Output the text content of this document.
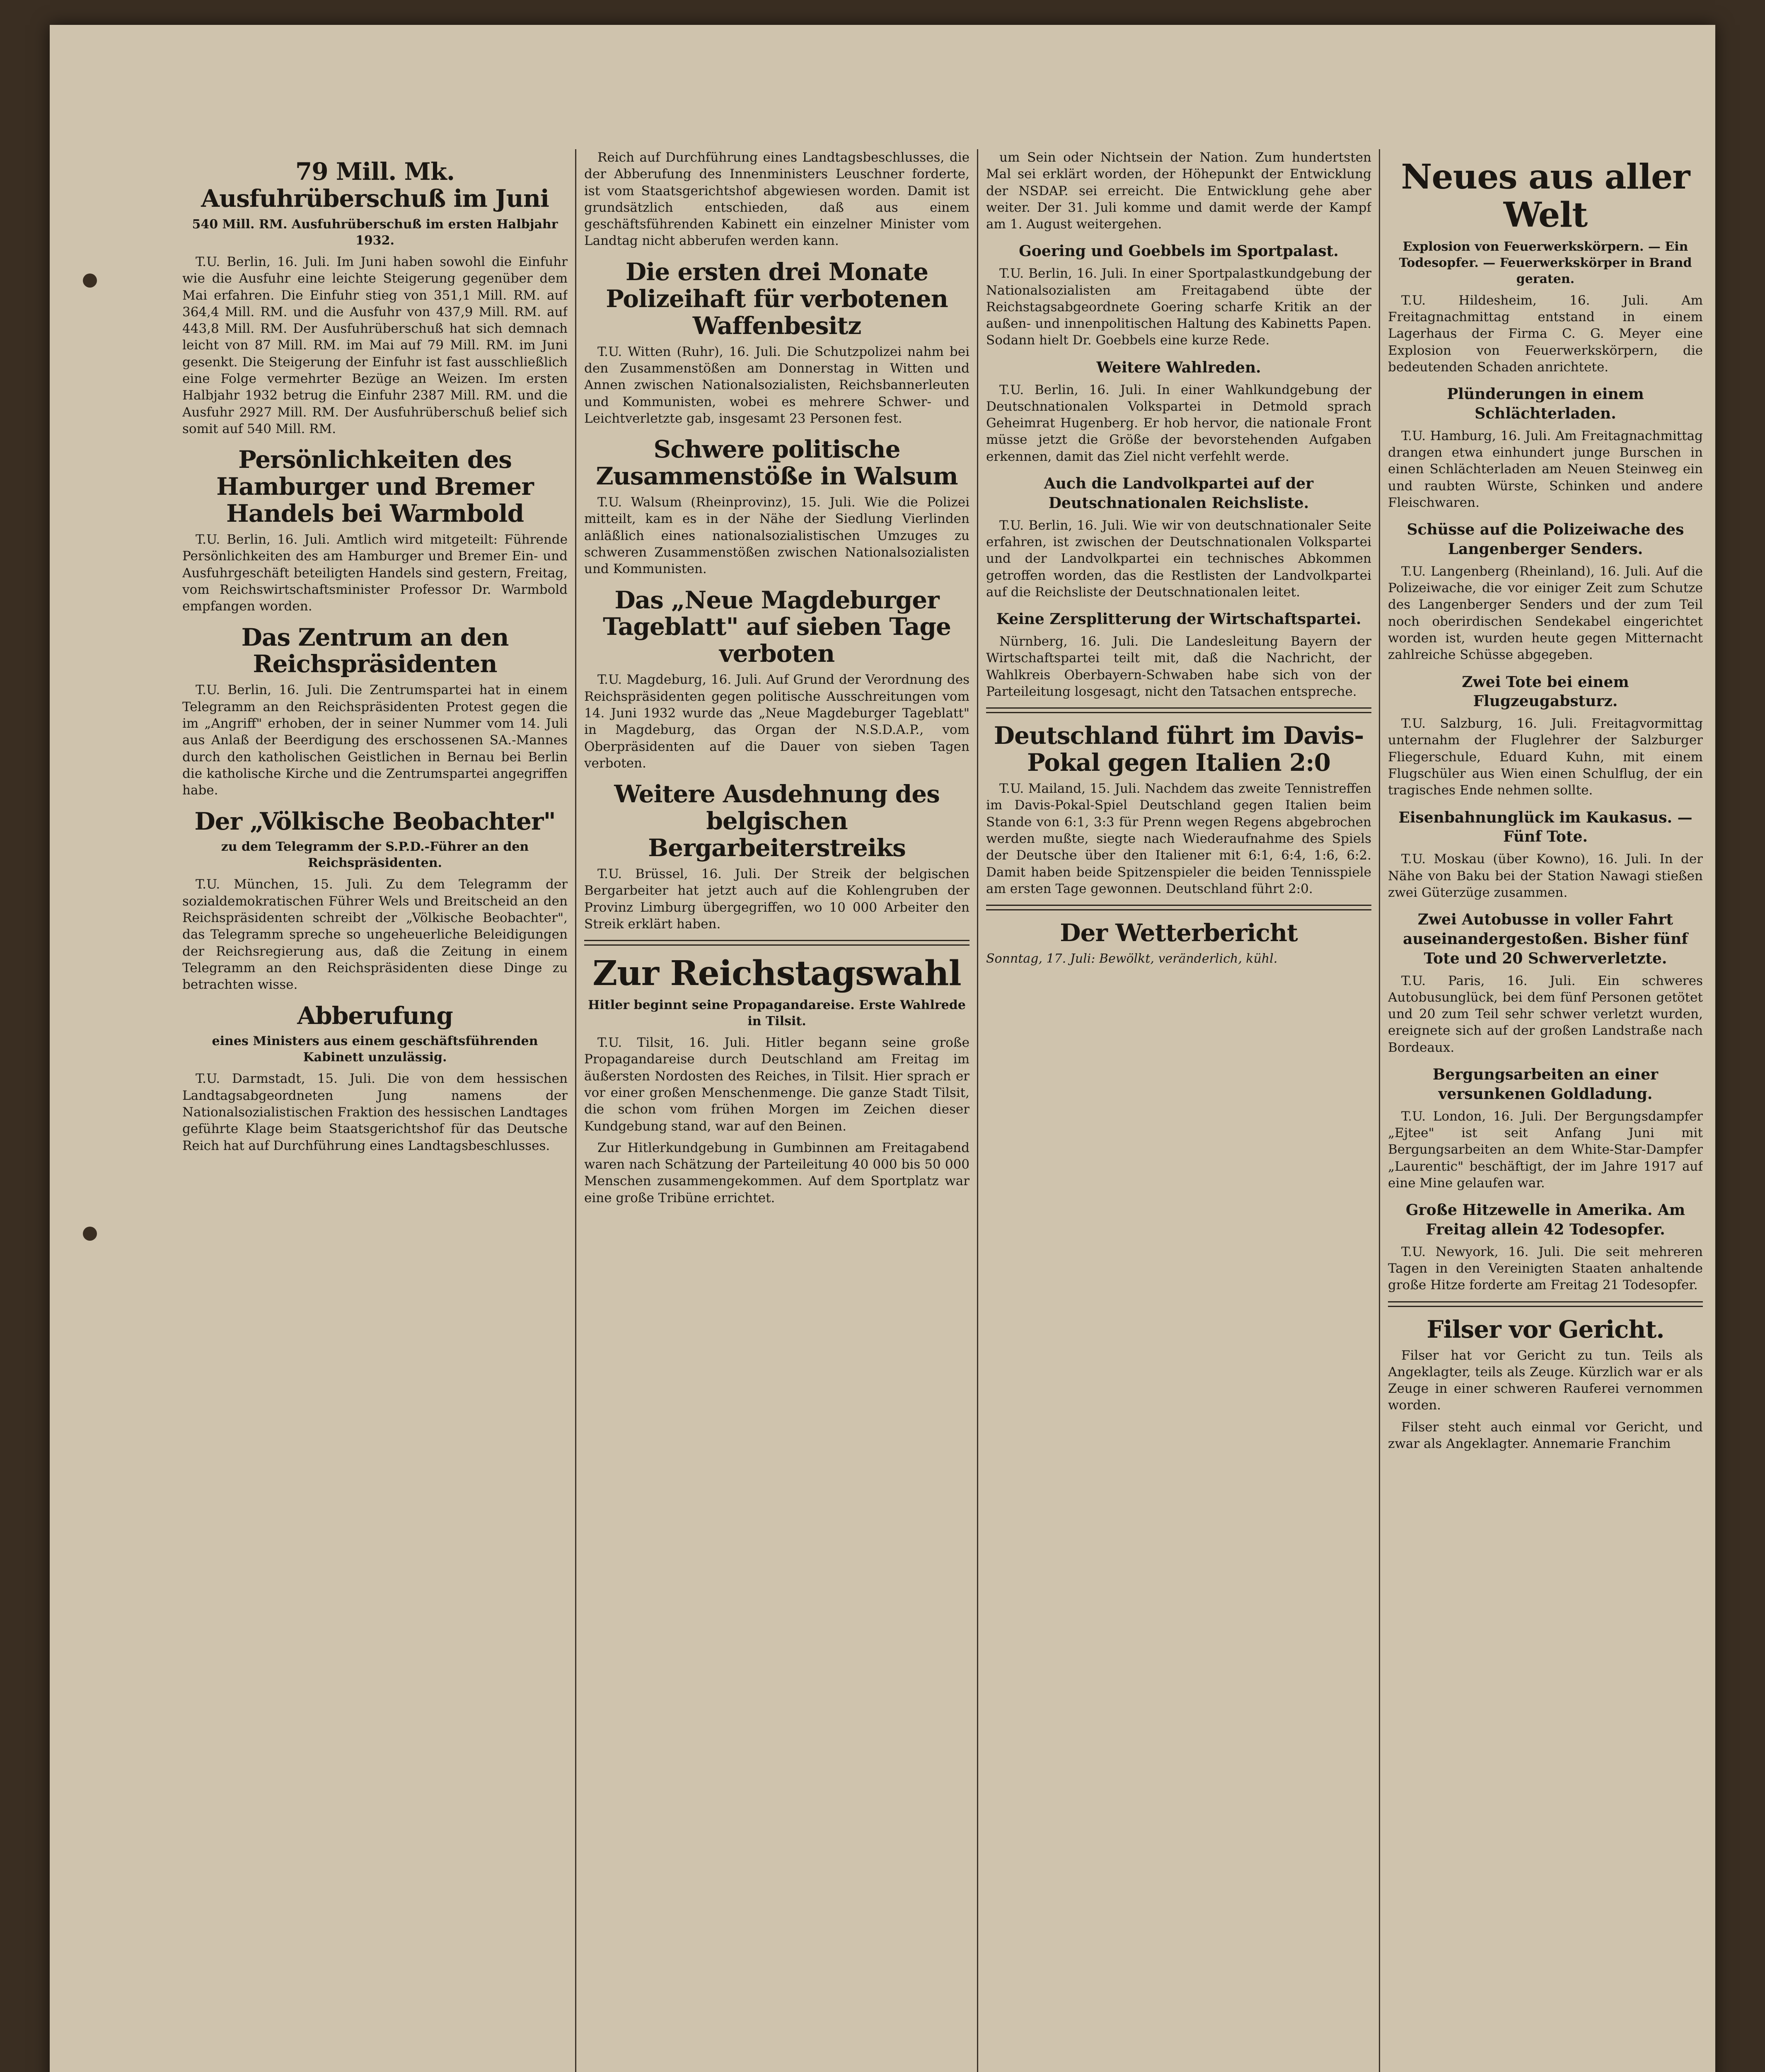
79 Mill. Mk. Ausfuhrüberschuß im Juni
540 Mill. RM. Ausfuhrüberschuß im ersten Halbjahr 1932.

T.U. Berlin, 16. Juli. Im Juni haben sowohl die Einfuhr wie die Ausfuhr eine leichte Steigerung gegenüber dem Mai erfahren. Die Einfuhr stieg von 351,1 Mill. RM. auf 364,4 Mill. RM. und die Ausfuhr von 437,9 Mill. RM. auf 443,8 Mill. RM. Der Ausfuhrüberschuß hat sich demnach leicht von 87 Mill. RM. im Mai auf 79 Mill. RM. im Juni gesenkt. Die Steigerung der Einfuhr ist fast ausschließlich eine Folge vermehrter Bezüge an Weizen. Im ersten Halbjahr 1932 betrug die Einfuhr 2387 Mill. RM. und die Ausfuhr 2927 Mill. RM. Der Ausfuhrüberschuß belief sich somit auf 540 Mill. RM.

Persönlichkeiten des Hamburger und Bremer Handels bei Warmbold

T.U. Berlin, 16. Juli. Amtlich wird mitgeteilt: Führende Persönlichkeiten des am Hamburger und Bremer Ein- und Ausfuhrgeschäft beteiligten Handels sind gestern, Freitag, vom Reichswirtschaftsminister Professor Dr. Warmbold empfangen worden.

Das Zentrum an den Reichspräsidenten

T.U. Berlin, 16. Juli. Die Zentrumspartei hat in einem Telegramm an den Reichspräsidenten Protest gegen die im „Angriff" erhoben, der in seiner Nummer vom 14. Juli aus Anlaß der Beerdigung des erschossenen SA.-Mannes durch den katholischen Geistlichen in Bernau bei Berlin die katholische Kirche und die Zentrumspartei angegriffen habe.

Der „Völkische Beobachter"
zu dem Telegramm der S.P.D.-Führer an den Reichspräsidenten.

T.U. München, 15. Juli. Zu dem Telegramm der sozialdemokratischen Führer Wels und Breitscheid an den Reichspräsidenten schreibt der „Völkische Beobachter", das Telegramm spreche so ungeheuerliche Beleidigungen der Reichsregierung aus, daß die Zeitung in einem Telegramm an den Reichspräsidenten diese Dinge zu betrachten wisse.

Abberufung
eines Ministers aus einem geschäftsführenden Kabinett unzulässig.

T.U. Darmstadt, 15. Juli. Die von dem hessischen Landtagsabgeordneten Jung namens der Nationalsozialistischen Fraktion des hessischen Landtages geführte Klage beim Staatsgerichtshof für das Deutsche Reich hat auf Durchführung eines Landtagsbeschlusses.

Reich auf Durchführung eines Landtagsbeschlusses, die der Abberufung des Innenministers Leuschner forderte, ist vom Staatsgerichtshof abgewiesen worden. Damit ist grundsätzlich entschieden, daß aus einem geschäftsführenden Kabinett ein einzelner Minister vom Landtag nicht abberufen werden kann.

Die ersten drei Monate Polizeihaft für verbotenen Waffenbesitz

T.U. Witten (Ruhr), 16. Juli. Die Schutzpolizei nahm bei den Zusammenstößen am Donnerstag in Witten und Annen zwischen Nationalsozialisten, Reichsbannerleuten und Kommunisten, wobei es mehrere Schwer- und Leichtverletzte gab, insgesamt 23 Personen fest.

Schwere politische Zusammenstöße in Walsum

T.U. Walsum (Rheinprovinz), 15. Juli. Wie die Polizei mitteilt, kam es in der Nähe der Siedlung Vierlinden anläßlich eines nationalsozialistischen Umzuges zu schweren Zusammenstößen zwischen Nationalsozialisten und Kommunisten.

Das „Neue Magdeburger Tageblatt" auf sieben Tage verboten

T.U. Magdeburg, 16. Juli. Auf Grund der Verordnung des Reichspräsidenten gegen politische Ausschreitungen vom 14. Juni 1932 wurde das „Neue Magdeburger Tageblatt" in Magdeburg, das Organ der N.S.D.A.P., vom Oberpräsidenten auf die Dauer von sieben Tagen verboten.

Weitere Ausdehnung des belgischen Bergarbeiterstreiks

T.U. Brüssel, 16. Juli. Der Streik der belgischen Bergarbeiter hat jetzt auch auf die Kohlengruben der Provinz Limburg übergegriffen, wo 10 000 Arbeiter den Streik erklärt haben.

Zur Reichstagswahl
Hitler beginnt seine Propagandareise. Erste Wahlrede in Tilsit.

T.U. Tilsit, 16. Juli. Hitler begann seine große Propagandareise durch Deutschland am Freitag im äußersten Nordosten des Reiches, in Tilsit. Hier sprach er vor einer großen Menschenmenge. Die ganze Stadt Tilsit, die schon vom frühen Morgen im Zeichen dieser Kundgebung stand, war auf den Beinen.

Zur Hitlerkundgebung in Gumbinnen am Freitagabend waren nach Schätzung der Parteileitung 40 000 bis 50 000 Menschen zusammengekommen. Auf dem Sportplatz war eine große Tribüne errichtet.

um Sein oder Nichtsein der Nation. Zum hundertsten Mal sei erklärt worden, der Höhepunkt der Entwicklung der NSDAP. sei erreicht. Die Entwicklung gehe aber weiter. Der 31. Juli komme und damit werde der Kampf am 1. August weitergehen.

Goering und Goebbels im Sportpalast.

T.U. Berlin, 16. Juli. In einer Sportpalastkundgebung der Nationalsozialisten am Freitagabend übte der Reichstagsabgeordnete Goering scharfe Kritik an der außen- und innenpolitischen Haltung des Kabinetts Papen. Sodann hielt Dr. Goebbels eine kurze Rede.

Weitere Wahlreden.

T.U. Berlin, 16. Juli. In einer Wahlkundgebung der Deutschnationalen Volkspartei in Detmold sprach Geheimrat Hugenberg. Er hob hervor, die nationale Front müsse jetzt die Größe der bevorstehenden Aufgaben erkennen, damit das Ziel nicht verfehlt werde.

Auch die Landvolkpartei auf der Deutschnationalen Reichsliste.

T.U. Berlin, 16. Juli. Wie wir von deutschnationaler Seite erfahren, ist zwischen der Deutschnationalen Volkspartei und der Landvolkpartei ein technisches Abkommen getroffen worden, das die Restlisten der Landvolkpartei auf die Reichsliste der Deutschnationalen leitet.

Keine Zersplitterung der Wirtschaftspartei.

Nürnberg, 16. Juli. Die Landesleitung Bayern der Wirtschaftspartei teilt mit, daß die Nachricht, der Wahlkreis Oberbayern-Schwaben habe sich von der Parteileitung losgesagt, nicht den Tatsachen entspreche.

Deutschland führt im Davis-Pokal gegen Italien 2:0

T.U. Mailand, 15. Juli. Nachdem das zweite Tennistreffen im Davis-Pokal-Spiel Deutschland gegen Italien beim Stande von 6:1, 3:3 für Prenn wegen Regens abgebrochen werden mußte, siegte nach Wiederaufnahme des Spiels der Deutsche über den Italiener mit 6:1, 6:4, 1:6, 6:2. Damit haben beide Spitzenspieler die beiden Tennisspiele am ersten Tage gewonnen. Deutschland führt 2:0.

Der Wetterbericht
Sonntag, 17. Juli: Bewölkt, veränderlich, kühl.
Neues aus aller Welt
Explosion von Feuerwerkskörpern. — Ein Todesopfer. — Feuerwerkskörper in Brand geraten.

T.U. Hildesheim, 16. Juli. Am Freitagnachmittag entstand in einem Lagerhaus der Firma C. G. Meyer eine Explosion von Feuerwerkskörpern, die bedeutenden Schaden anrichtete.

Plünderungen in einem Schlächterladen.

T.U. Hamburg, 16. Juli. Am Freitagnachmittag drangen etwa einhundert junge Burschen in einen Schlächterladen am Neuen Steinweg ein und raubten Würste, Schinken und andere Fleischwaren.

Schüsse auf die Polizeiwache des Langenberger Senders.

T.U. Langenberg (Rheinland), 16. Juli. Auf die Polizeiwache, die vor einiger Zeit zum Schutze des Langenberger Senders und der zum Teil noch oberirdischen Sendekabel eingerichtet worden ist, wurden heute gegen Mitternacht zahlreiche Schüsse abgegeben.

Zwei Tote bei einem Flugzeugabsturz.

T.U. Salzburg, 16. Juli. Freitagvormittag unternahm der Fluglehrer der Salzburger Fliegerschule, Eduard Kuhn, mit einem Flugschüler aus Wien einen Schulflug, der ein tragisches Ende nehmen sollte.

Eisenbahnunglück im Kaukasus. — Fünf Tote.

T.U. Moskau (über Kowno), 16. Juli. In der Nähe von Baku bei der Station Nawagi stießen zwei Güterzüge zusammen.

Zwei Autobusse in voller Fahrt auseinandergestoßen. Bisher fünf Tote und 20 Schwerverletzte.

T.U. Paris, 16. Juli. Ein schweres Autobusunglück, bei dem fünf Personen getötet und 20 zum Teil sehr schwer verletzt wurden, ereignete sich auf der großen Landstraße nach Bordeaux.

Bergungsarbeiten an einer versunkenen Goldladung.

T.U. London, 16. Juli. Der Bergungsdampfer „Ejtee" ist seit Anfang Juni mit Bergungsarbeiten an dem White-Star-Dampfer „Laurentic" beschäftigt, der im Jahre 1917 auf eine Mine gelaufen war.

Große Hitzewelle in Amerika. Am Freitag allein 42 Todesopfer.

T.U. Newyork, 16. Juli. Die seit mehreren Tagen in den Vereinigten Staaten anhaltende große Hitze forderte am Freitag 21 Todesopfer.

Filser vor Gericht.

Filser hat vor Gericht zu tun. Teils als Angeklagter, teils als Zeuge. Kürzlich war er als Zeuge in einer schweren Rauferei vernommen worden.

Filser steht auch einmal vor Gericht, und zwar als Angeklagter. Annemarie Franchim
